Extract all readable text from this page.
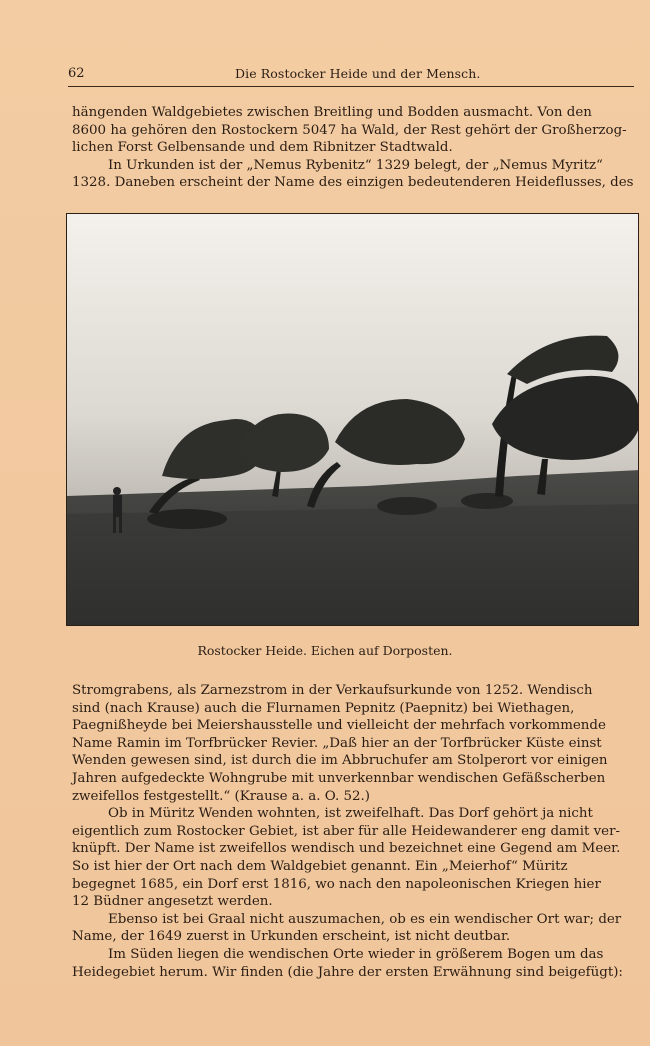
62	Die Rostocker Heide und der Mensch.
hängenden Waldgebietes zwischen Breitling und Bodden ausmacht. Von den
8600 ha gehören den Rostockern 5047 ha Wald, der Rest gehört der Großherzog-
lichen Forst Gelbensande und dem Ribnitzer Stadtwald.
In Urkunden ist der „Nemus Rybenitz“ 1329 belegt, der „Nemus Myritz“
1328. Daneben erscheint der Name des einzigen bedeutenderen Heideflusses, des
Rostocker Heide. Eichen auf Dorposten.
Stromgrabens, als Zarnezstrom in der Verkaufsurkunde von 1252. Wendisch
sind (nach Krause) auch die Flurnamen Pepnitz (Paepnitz) bei Wiethagen,
Paegnißheyde bei Meiershausstelle und vielleicht der mehrfach vorkommende
Name Ramin im Torfbrücker Revier. „Daß hier an der Torfbrücker Küste einst
Wenden gewesen sind, ist durch die im Abbruchufer am Stolperort vor einigen
Jahren aufgedeckte Wohngrube mit unverkennbar wendischen Gefäßscherben
zweifellos festgestellt.“ (Krause a. a. O. 52.)
Ob in Müritz Wenden wohnten, ist zweifelhaft. Das Dorf gehört ja nicht
eigentlich zum Rostocker Gebiet, ist aber für alle Heidewanderer eng damit ver-
knüpft. Der Name ist zweifellos wendisch und bezeichnet eine Gegend am Meer.
So ist hier der Ort nach dem Waldgebiet genannt. Ein „Meierhof“ Müritz
begegnet 1685, ein Dorf erst 1816, wo nach den napoleonischen Kriegen hier
12 Büdner angesetzt werden.
Ebenso ist bei Graal nicht auszumachen, ob es ein wendischer Ort war; der
Name, der 1649 zuerst in Urkunden erscheint, ist nicht deutbar.
Im Süden liegen die wendischen Orte wieder in größerem Bogen um das
Heidegebiet herum. Wir finden (die Jahre der ersten Erwähnung sind beigefügt):
